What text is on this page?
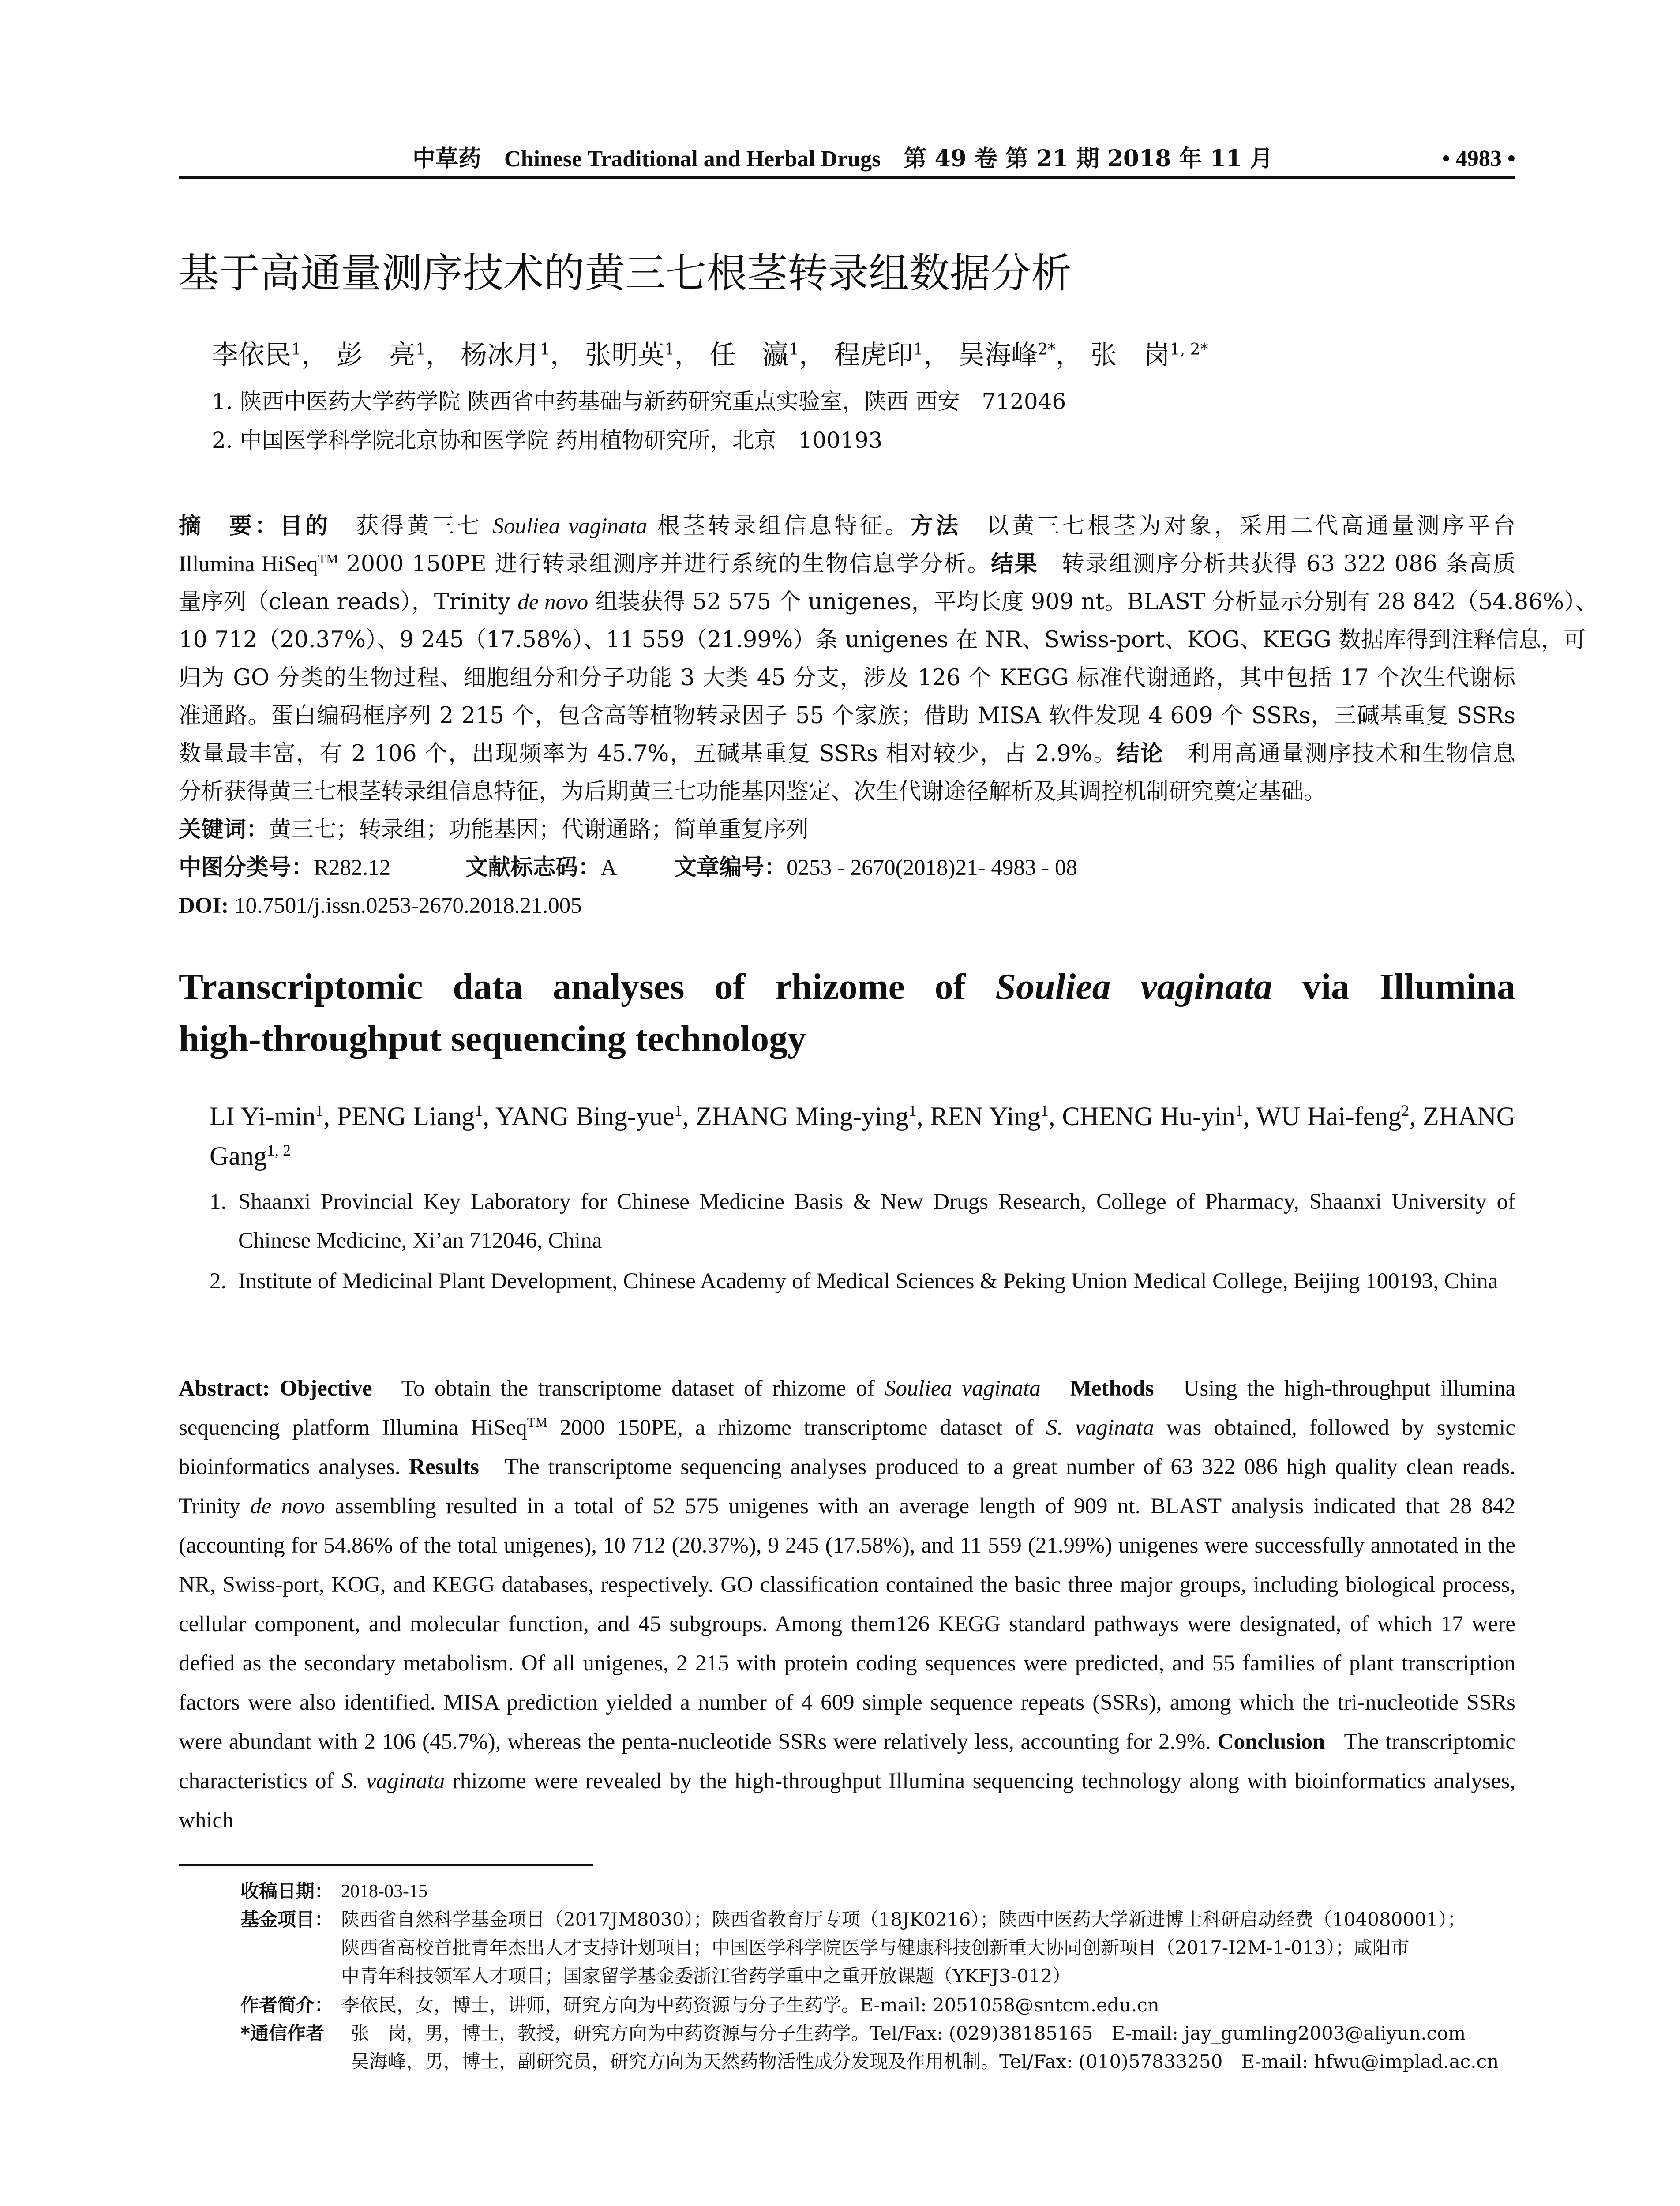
中草药　 Chinese Traditional and Herbal Drugs　 第 49 卷 第 21 期 2018 年 11 月	• 4983 •
基于高通量测序技术的黄三七根茎转录组数据分析
李依民$^1$， 彭　亮$^1$， 杨冰月$^1$， 张明英$^1$， 任　瀛$^1$， 程虎印$^1$， 吴海峰$^{2*}$， 张　岗$^{1, 2*}$
1. 陕西中医药大学药学院 陕西省中药基础与新药研究重点实验室，陕西 西安　712046
2. 中国医学科学院北京协和医学院 药用植物研究所，北京　100193
摘　要：目的　 获得黄三七 Souliea vaginata 根茎转录组信息特征。方法　 以黄三七根茎为对象，采用二代高通量测序平台
Illumina HiSeq™ 2000 150PE 进行转录组测序并进行系统的生物信息学分析。结果　 转录组测序分析共获得 63 322 086 条高质
量序列（clean reads），Trinity de novo 组装获得 52 575 个 unigenes，平均长度 909 nt。BLAST 分析显示分别有 28 842（54.86%）、
10 712（20.37%）、9 245（17.58%）、11 559（21.99%）条 unigenes 在 NR、Swiss-port、KOG、KEGG 数据库得到注释信息，可
归为 GO 分类的生物过程、细胞组分和分子功能 3 大类 45 分支，涉及 126 个 KEGG 标准代谢通路，其中包括 17 个次生代谢标
准通路。蛋白编码框序列 2 215 个，包含高等植物转录因子 55 个家族；借助 MISA 软件发现 4 609 个 SSRs，三碱基重复 SSRs
数量最丰富，有 2 106 个，出现频率为 45.7%，五碱基重复 SSRs 相对较少，占 2.9%。结论　 利用高通量测序技术和生物信息
分析获得黄三七根茎转录组信息特征，为后期黄三七功能基因鉴定、次生代谢途径解析及其调控机制研究奠定基础。
关键词：黄三七；转录组；功能基因；代谢通路；简单重复序列
中图分类号：R282.12	文献标志码：A	文章编号：0253 - 2670(2018)21- 4983 - 08
DOI: 10.7501/j.issn.0253-2670.2018.21.005
Transcriptomic data analyses of rhizome of Souliea vaginata via Illumina
high-throughput sequencing technology
LI $Yi-\min^1$, PENG Liang$^1$, YANG Bing-yue$^1$, ZHANG Ming-ying$^1$, REN Ying$^1$, CHENG Hu-yin$^1$, WU Hai-feng$^2$, ZHANG Gang$^{1, 2}$
1. Shaanxi Provincial Key Laboratory for Chinese Medicine Basis & New Drugs Research, College of Pharmacy, Shaanxi University of Chinese Medicine, Xi’an 712046, China
2. Institute of Medicinal Plant Development, Chinese Academy of Medical Sciences & Peking Union Medical College, Beijing 100193, China
Abstract: Objective To obtain the transcriptome dataset of rhizome of Souliea vaginata Methods Using the high-throughput illumina sequencing platform Illumina HiSeq™ 2000 150PE, a rhizome transcriptome dataset of S. vaginata was obtained, followed by systemic bioinformatics analyses. Results The transcriptome sequencing analyses produced to a great number of 63 322 086 high quality clean reads. Trinity de novo assembling resulted in a total of 52 575 unigenes with an average length of 909 nt. BLAST analysis indicated that 28 842 (accounting for 54.86% of the total unigenes), 10 712 (20.37%), 9 245 (17.58%), and 11 559 (21.99%) unigenes were successfully annotated in the NR, Swiss-port, KOG, and KEGG databases, respectively. GO classification contained the basic three major groups, including biological process, cellular component, and molecular function, and 45 subgroups. Among them126 KEGG standard pathways were designated, of which 17 were defied as the secondary metabolism. Of all unigenes, 2 215 with protein coding sequences were predicted, and 55 families of plant transcription factors were also identified. MISA prediction yielded a number of 4 609 simple sequence repeats (SSRs), among which the tri-nucleotide SSRs were abundant with 2 106 (45.7%), whereas the penta-nucleotide SSRs were relatively less, accounting for 2.9%. Conclusion The transcriptomic characteristics of S. vaginata rhizome were revealed by the high-throughput Illumina sequencing technology along with bioinformatics analyses, which
收稿日期： 2018-03-15
基金项目： 陕西省自然科学基金项目（2017JM8030）；陕西省教育厅专项（18JK0216）；陕西中医药大学新进博士科研启动经费（104080001）；
陕西省高校首批青年杰出人才支持计划项目；中国医学科学院医学与健康科技创新重大协同创新项目（2017-I2M-1-013）；咸阳市
中青年科技领军人才项目；国家留学基金委浙江省药学重中之重开放课题（YKFJ3-012）
作者简介： 李依民，女，博士，讲师，研究方向为中药资源与分子生药学。E-mail: 2051058@sntcm.edu.cn
*通信作者 张　岗，男，博士，教授，研究方向为中药资源与分子生药学。Tel/Fax: (029)38185165　E-mail: jay_gumling2003@aliyun.com
吴海峰，男，博士，副研究员，研究方向为天然药物活性成分发现及作用机制。Tel/Fax: (010)57833250　E-mail: hfwu@implad.ac.cn
